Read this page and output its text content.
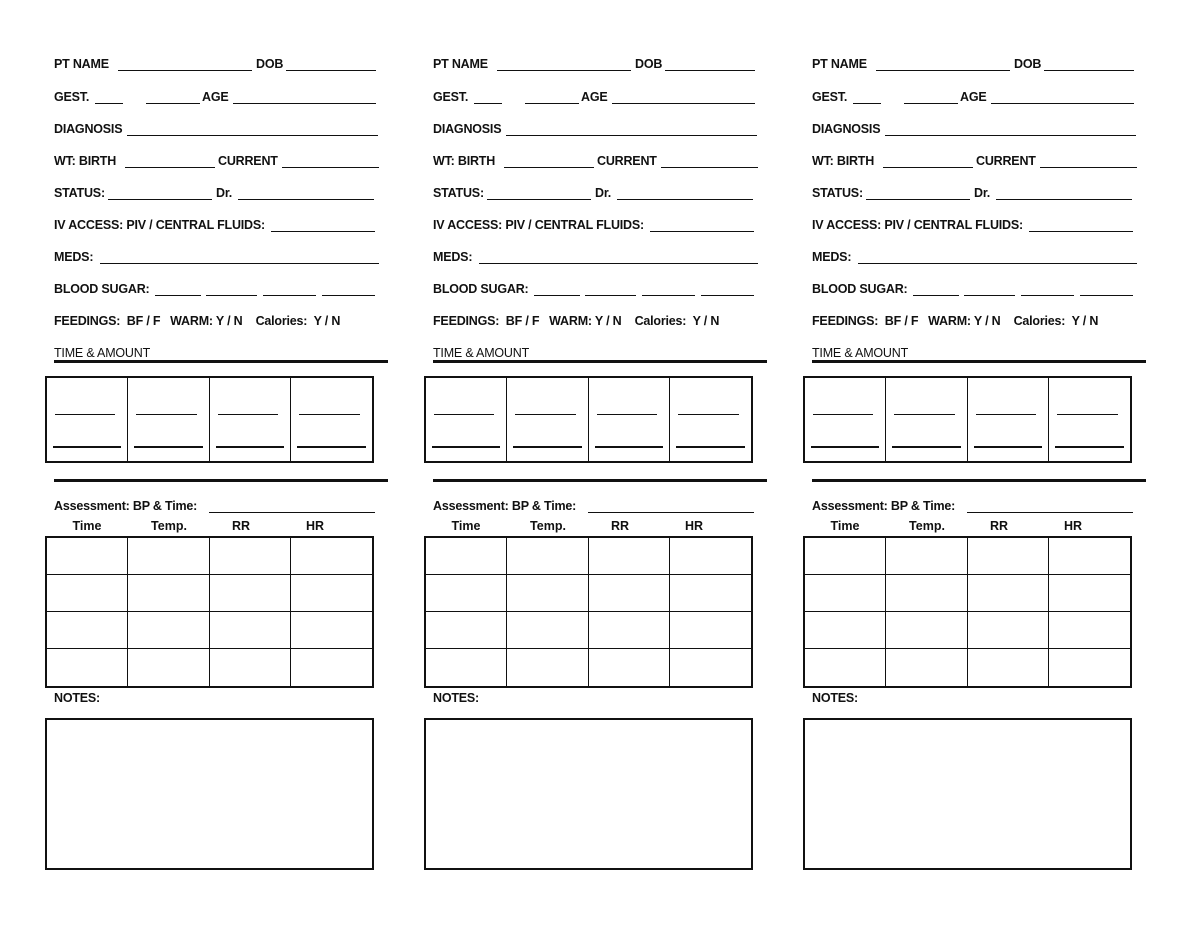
PT NAME	DOB
GEST.	AGE
DIAGNOSIS
WT: BIRTH	CURRENT
STATUS:	Dr.
IV ACCESS: PIV / CENTRAL FLUIDS:
MEDS:
BLOOD SUGAR:
FEEDINGS:  BF / F   WARM: Y / N    Calories:  Y / N
TIME & AMOUNT
Assessment: BP & Time:
Time	Temp.	RR	HR
NOTES:
PT NAME	DOB
GEST.	AGE
DIAGNOSIS
WT: BIRTH	CURRENT
STATUS:	Dr.
IV ACCESS: PIV / CENTRAL FLUIDS:
MEDS:
BLOOD SUGAR:
FEEDINGS:  BF / F   WARM: Y / N    Calories:  Y / N
TIME & AMOUNT
Assessment: BP & Time:
Time	Temp.	RR	HR
NOTES:
PT NAME	DOB
GEST.	AGE
DIAGNOSIS
WT: BIRTH	CURRENT
STATUS:	Dr.
IV ACCESS: PIV / CENTRAL FLUIDS:
MEDS:
BLOOD SUGAR:
FEEDINGS:  BF / F   WARM: Y / N    Calories:  Y / N
TIME & AMOUNT
Assessment: BP & Time:
Time	Temp.	RR	HR
NOTES:
